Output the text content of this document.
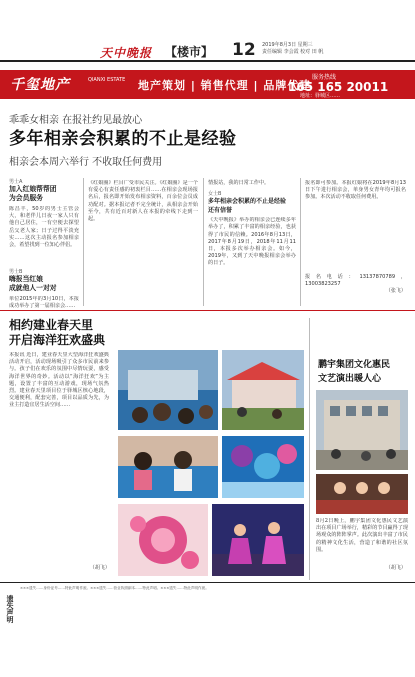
天中晚报 【楼市】 12 2019年8月3日 星期三
责任编辑 李会霞 校对 田 帆
千玺地产	QIANXI ESTATE 地产策划 | 销售代理 | 品牌代建
服务热线
165 165 20011
地址：驿城区……
乖乖女相亲 在报社约见最放心
多年相亲会积累的不止是经验
相亲会本周六举行 不收取任何费用
男士A
加入红娘帮帮团
为会员服务
陈昌丰，50岁的男士主管会大，和老伴儿日夜一家人只有他自己居住，一有空便去探望岳父老人家；日子过得平淡充实……这次主动报名参加相亲会，希望找到一位知心伴侣。
男士B
嗨报当红娘
成就他人一对对
单位2015年的3月10日，本报成功举办了第一届相亲会……
《红娘圈》栏目广受市民关注。《红娘圈》是一个有爱心有责任感的初衷栏目……在相亲会现场报名后，报名即开始发布相亲资料，百余位会员成功配对。据本报记者不完全统计，从相亲会开始至今，共有近百对新人在本报的牵线下走到一起。
情报站，我的日常工作中。
女士B
多年相亲会积累的不止是经验
还有信誉
《天中晚报》举办的相亲会已连续多年举办了，积累了丰富的相亲经验，也获得了市民的信赖。2016年8月13日，2017年8月19日，2018年11月11日，本报多次举办相亲会。如今，2019年，又到了天中晚报相亲会举办的日子。
报名即可参加。本报红娘将在2019年8月13日下午进行相亲会，单身男女青年均可报名参加。本次活动不收取任何费用。
报名电话：13137870789，13003823257
（张飞）
相约建业春天里
开启海洋狂欢盛典
本报讯 近日，建业春天里大型海洋狂欢盛典活动开启，活动现场吸引了众多市民前来参与。孩子们在欢乐的氛围中尽情玩耍，感受海洋世界的奇妙。活动以“海洋狂欢”为主题，设置了丰富的互动游戏，现场气氛热烈。建业春天里项目位于驿城区核心地段，交通便利，配套完善，项目以品质为先，为业主打造宜居生活空间……
（胡飞）
鹏宇集团文化惠民
文艺演出暖人心
8月2日晚上，鹏宇集团文化惠民文艺演出在项目广场举行，精彩的节目赢得了现场观众的阵阵掌声。此次演出丰富了市民的精神文化生活，营造了和谐的社区氛围。
（胡飞）
遗失声明
×××遗失……身份证号……特此声明作废。×××遗失……营业执照副本……特此声明。×××遗失……特此声明作废。
